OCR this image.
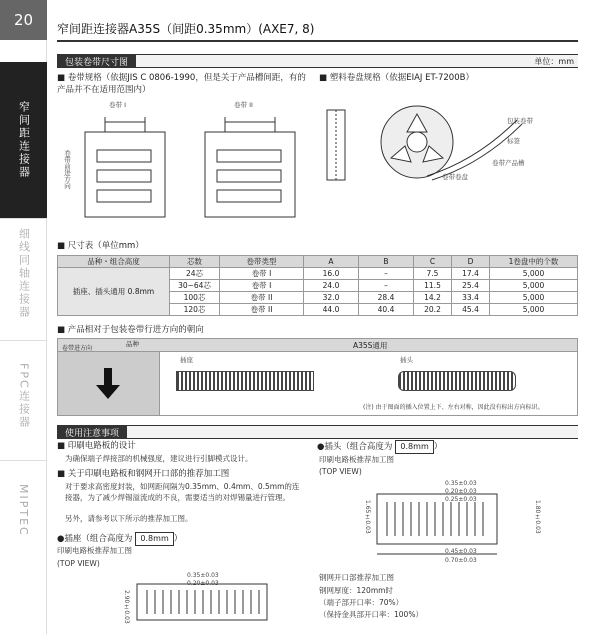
20
窄间距连接器
细线同轴连接器
FPC连接器
MIPTEC
窄间距连接器A35S（间距0.35mm）(AXE7, 8)
包装卷带尺寸图	单位：mm
■ 卷带规格（依据JIS C 0806-1990，但是关于产品槽间距，有的产品并不在适用范围内）
■ 塑料卷盘规格（依据EIAJ ET-7200B）
卷带 I	卷带 II
卷带前进方向
包装卷带
标签
卷带产品槽
卷带卷盘
■ 尺寸表（单位mm）
品种・组合高度	芯数	卷带类型	A	B	C	D	1卷盘中的个数
插座、插头通用 0.8mm	24芯	卷带 I	16.0	–	7.5	17.4	5,000
	30~64芯	卷带 I	24.0	–	11.5	25.4	5,000
	100芯	卷带 II	32.0	28.4	14.2	33.4	5,000
	120芯	卷带 II	44.0	40.4	20.2	45.4	5,000
■ 产品相对于包装卷带行进方向的朝向
品种
卷带进方向	A35S通用
插座	插头
(注) 由于图面的插入位置上下、左右对称，因此没有标出方向标识。
使用注意事项
■ 印刷电路板的设计
为确保端子焊接部的机械强度，建议进行引脚模式设计。
■ 关于印刷电路板和钢网开口部的推荐加工图
对于要求高密度封装，如网距间隔为0.35mm、0.4mm、0.5mm的连接器，为了减少焊锡溢流成的不良，需要适当的对焊锡量进行管理。
另外，请参考以下所示的推荐加工图。
●插座（组合高度为 0.8mm ）
印刷电路板推荐加工图
(TOP VIEW)
0.35±0.03
0.20±0.03
2.90±0.03
●插头（组合高度为 0.8mm ）
印刷电路板推荐加工图
(TOP VIEW)
0.35±0.03
0.20±0.03
0.25±0.03
0.45±0.03
0.70±0.03
1.65±0.03	1.80±0.03
钢网开口部推荐加工图
钢网厚度：120mm时
（端子部开口率：70%）
（保持金具部开口率：100%）
